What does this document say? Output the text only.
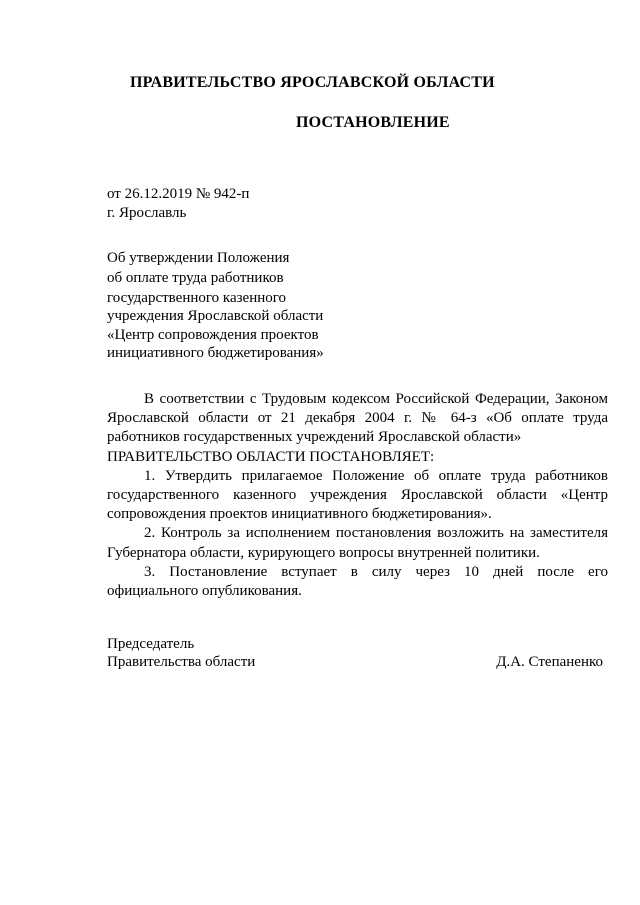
ПРАВИТЕЛЬСТВО ЯРОСЛАВСКОЙ ОБЛАСТИ
ПОСТАНОВЛЕНИЕ
от 26.12.2019 № 942-п
г. Ярославль
Об утверждении Положения
об оплате труда работников
государственного казенного
учреждения Ярославской области
«Центр сопровождения проектов
инициативного бюджетирования»

В соответствии с Трудовым кодексом Российской Федерации, Законом Ярославской области от 21 декабря 2004 г. № 64-з «Об оплате труда работников государственных учреждений Ярославской области»

ПРАВИТЕЛЬСТВО ОБЛАСТИ ПОСТАНОВЛЯЕТ:

1. Утвердить прилагаемое Положение об оплате труда работников государственного казенного учреждения Ярославской области «Центр сопровождения проектов инициативного бюджетирования».

2. Контроль за исполнением постановления возложить на заместителя Губернатора области, курирующего вопросы внутренней политики.

3. Постановление вступает в силу через 10 дней после его официального опубликования.

Председатель
Правительства области	Д.А. Степаненко
